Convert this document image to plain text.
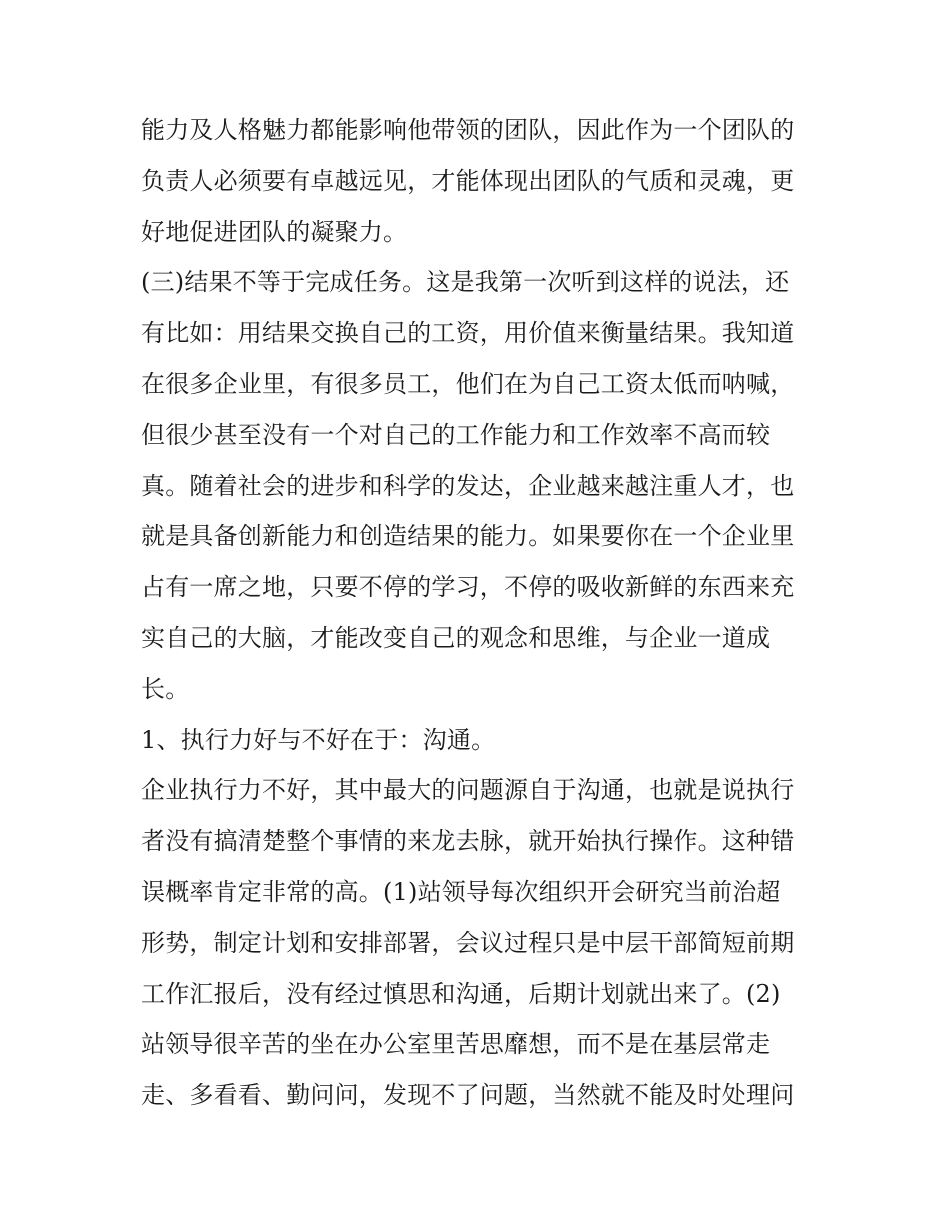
能力及人格魅力都能影响他带领的团队，因此作为一个团队的
负责人必须要有卓越远见，才能体现出团队的气质和灵魂，更
好地促进团队的凝聚力。
(三)结果不等于完成任务。这是我第一次听到这样的说法，还
有比如：用结果交换自己的工资，用价值来衡量结果。我知道
在很多企业里，有很多员工，他们在为自己工资太低而呐喊，
但很少甚至没有一个对自己的工作能力和工作效率不高而较
真。随着社会的进步和科学的发达，企业越来越注重人才，也
就是具备创新能力和创造结果的能力。如果要你在一个企业里
占有一席之地，只要不停的学习，不停的吸收新鲜的东西来充
实自己的大脑，才能改变自己的观念和思维，与企业一道成
长。
1、执行力好与不好在于：沟通。
企业执行力不好，其中最大的问题源自于沟通，也就是说执行
者没有搞清楚整个事情的来龙去脉，就开始执行操作。这种错
误概率肯定非常的高。(1)站领导每次组织开会研究当前治超
形势，制定计划和安排部署，会议过程只是中层干部简短前期
工作汇报后，没有经过慎思和沟通，后期计划就出来了。(2)
站领导很辛苦的坐在办公室里苦思靡想，而不是在基层常走
走、多看看、勤问问，发现不了问题，当然就不能及时处理问
